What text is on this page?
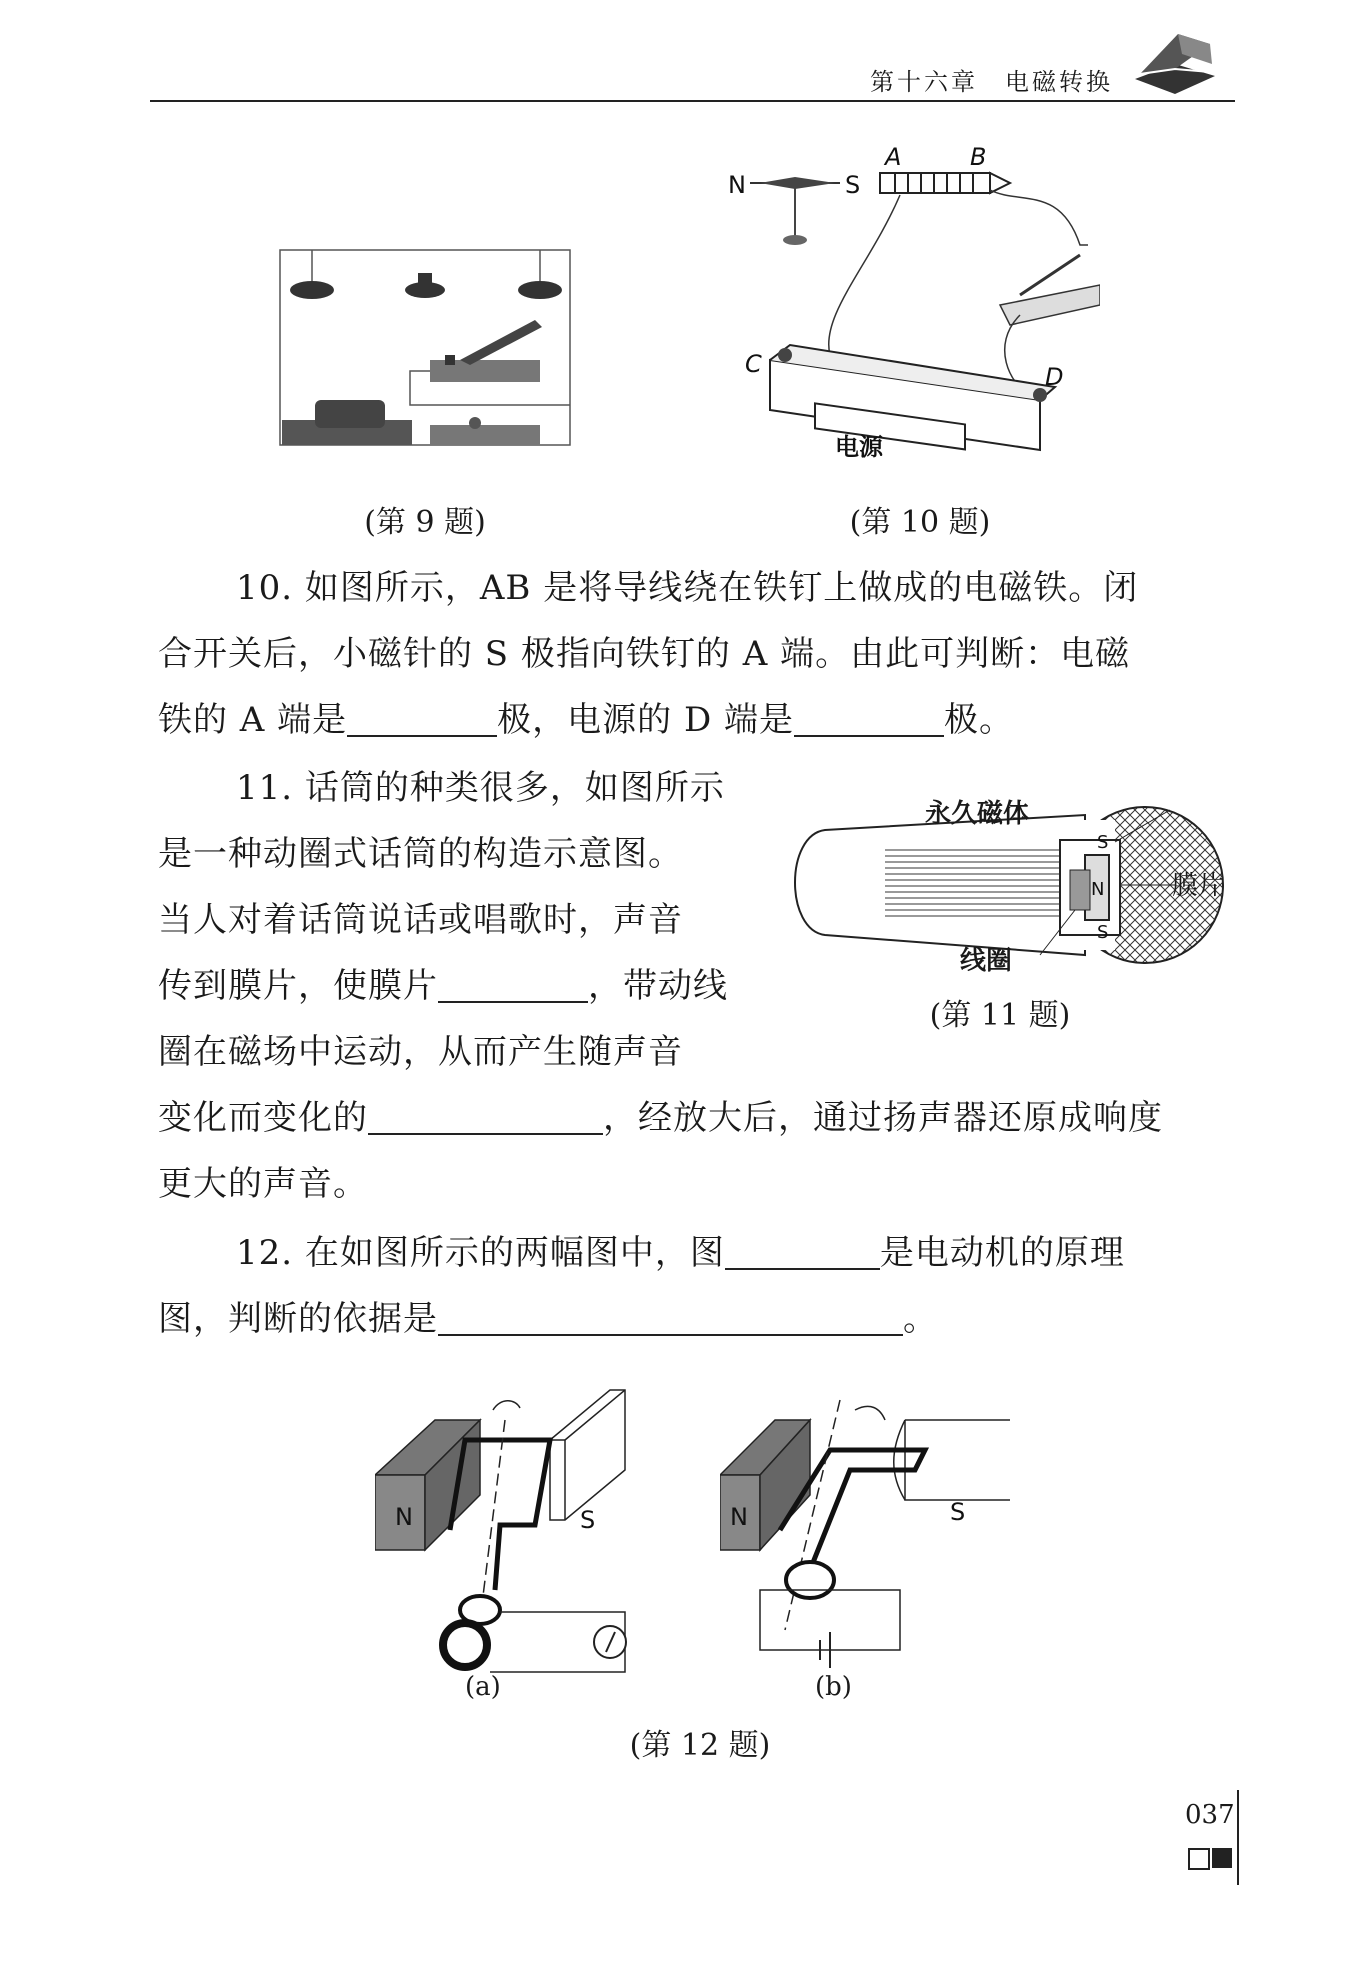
第十六章　电磁转换
(第 9 题)
N	S
A	B
C	D
电源
(第 10 题)

10. 如图所示，AB 是将导线绕在铁钉上做成的电磁铁。闭

合开关后，小磁针的 S 极指向铁钉的 A 端。由此可判断：电磁

铁的 A 端是	极，电源的 D 端是	极。

11. 话筒的种类很多，如图所示

是一种动圈式话筒的构造示意图。

当人对着话筒说话或唱歌时，声音

传到膜片，使膜片	，带动线

圈在磁场中运动，从而产生随声音

变化而变化的	，经放大后，通过扬声器还原成响度

更大的声音。

N
S
S
永久磁体
膜片
线圈
(第 11 题)

12. 在如图所示的两幅图中，图	是电动机的原理

图，判断的依据是	。

N	S
(a)
N	S
(b)
(第 12 题)
037
